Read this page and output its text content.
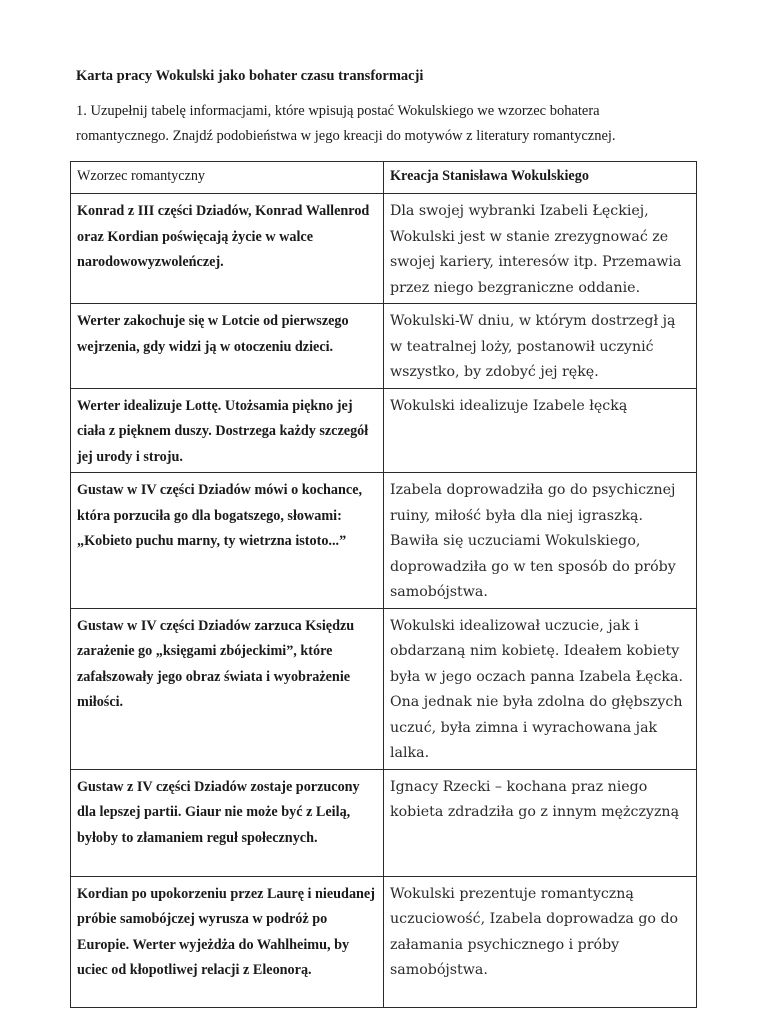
Karta pracy Wokulski jako bohater czasu transformacji
1. Uzupełnij tabelę informacjami, które wpisują postać Wokulskiego we wzorzec bohatera romantycznego. Znajdź podobieństwa w jego kreacji do motywów z literatury romantycznej.
Wzorzec romantyczny	Kreacja Stanisława Wokulskiego
Konrad z III części Dziadów, Konrad Wallenrod oraz Kordian poświęcają życie w walce narodowowyzwoleńczej.	Dla swojej wybranki Izabeli Łęckiej, Wokulski jest w stanie zrezygnować ze swojej kariery, interesów itp. Przemawia przez niego bezgraniczne oddanie.
Werter zakochuje się w Lotcie od pierwszego wejrzenia, gdy widzi ją w otoczeniu dzieci.	Wokulski-W dniu, w którym dostrzegł ją w teatralnej loży, postanowił uczynić wszystko, by zdobyć jej rękę.
Werter idealizuje Lottę. Utożsamia piękno jej ciała z pięknem duszy. Dostrzega każdy szczegół jej urody i stroju.	Wokulski idealizuje Izabele łęcką
Gustaw w IV części Dziadów mówi o kochance, która porzuciła go dla bogatszego, słowami: „Kobieto puchu marny, ty wietrzna istoto...”	Izabela doprowadziła go do psychicznej ruiny, miłość była dla niej igraszką. Bawiła się uczuciami Wokulskiego, doprowadziła go w ten sposób do próby samobójstwa.
Gustaw w IV części Dziadów zarzuca Księdzu zarażenie go „księgami zbójeckimi”, które zafałszowały jego obraz świata i wyobrażenie miłości.	Wokulski idealizował uczucie, jak i obdarzaną nim kobietę. Ideałem kobiety była w jego oczach panna Izabela Łęcka. Ona jednak nie była zdolna do głębszych uczuć, była zimna i wyrachowana jak lalka.
Gustaw z IV części Dziadów zostaje porzucony dla lepszej partii. Giaur nie może być z Leilą, byłoby to złamaniem reguł społecznych.	Ignacy Rzecki – kochana praz niego kobieta zdradziła go z innym mężczyzną
Kordian po upokorzeniu przez Laurę i nieudanej próbie samobójczej wyrusza w podróż po Europie. Werter wyjeżdża do Wahlheimu, by uciec od kłopotliwej relacji z Eleonorą.	Wokulski prezentuje romantyczną uczuciowość, Izabela doprowadza go do załamania psychicznego i próby samobójstwa.
